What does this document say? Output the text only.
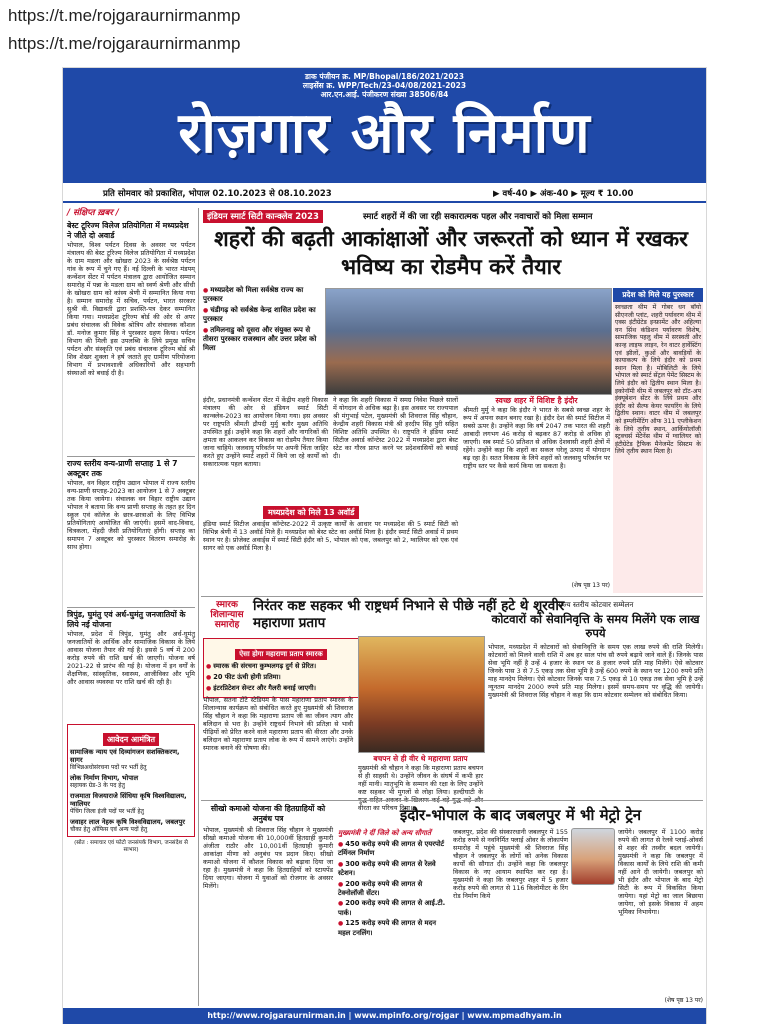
https://t.me/rojgaraurnirmanmp
https://t.me/rojgaraurnirmanmp
डाक पंजीयन क्र. MP/Bhopal/186/2021/2023
लाइसेंस क्र. WPP/Tech/23-04/08/2021-2023
आर.एन.आई. पंजीकरण संख्या 38506/84
रोज़गार और निर्माण
प्रति सोमवार को प्रकाशित, भोपाल 02.10.2023 से 08.10.2023	▶ वर्ष-40 ▶ अंक-40 ▶ मूल्य ₹ 10.00
/ संक्षिप्त ख़बर /
बेस्ट टूरिज्म विलेज प्रतियोगिता में मध्यप्रदेश ने जीते दो अवार्ड
भोपाल, विश्व पर्यटन दिवस के अवसर पर पर्यटन मंत्रालय की बेस्ट टूरिज्म विलेज प्रतियोगिता में मध्यप्रदेश के ग्राम मडला और खोखरा 2023 के सर्वश्रेष्ठ पर्यटन गांव के रूप में चुने गए हैं। नई दिल्ली के भारत मंडपम् कन्वेंशन सेंटर में पर्यटन मंत्रालय द्वारा आयोजित सम्मान समारोह में पन्ना के मडला ग्राम को स्वर्ण श्रेणी और सीधी के खोखरा ग्राम को कांस्य श्रेणी में सम्मानित किया गया है। सम्मान समारोह में सचिव, पर्यटन, भारत सरकार सुश्री वी. विद्यावती द्वारा प्रशस्ति-पत्र देकर सम्मानित किया गया। मध्यप्रदेश टूरिज्म बोर्ड की ओर से अपर प्रबंध संचालक श्री विवेक श्रोत्रिय और संचालक कौशल डॉ. मनोज कुमार सिंह ने पुरस्कार ग्रहण किया। पर्यटन विभाग की मिली इस उपलब्धि के लिये प्रमुख सचिव पर्यटन और संस्कृति एवं प्रबंध संचालक टूरिज्म बोर्ड श्री शिव शेखर शुक्ला ने हर्ष जताते हुए ग्रामीण परियोजना विभाग में प्रभावशाली अधिकारियों और सहभागी संस्थाओं को बधाई दी है।
राज्य स्तरीय वन्य-प्राणी सप्ताह 1 से 7 अक्टूबर तक
भोपाल, वन विहार राष्ट्रीय उद्यान भोपाल में राज्य स्तरीय वन्य-प्राणी सप्ताह-2023 का आयोजन 1 से 7 अक्टूबर तक किया जायेगा। संचालक वन विहार राष्ट्रीय उद्यान भोपाल ने बताया कि वन्य प्राणी सप्ताह के तहत हर दिन स्कूल एवं कॉलेज के छात्र-छात्राओं के लिए विभिन्न प्रतियोगिताएं आयोजित की जाएंगी। इसमें वाद-विवाद, चित्रकला, मेंहदी जैसी प्रतियोगिताएं होंगी। सप्ताह का समापन 7 अक्टूबर को पुरस्कार वितरण समारोह के साथ होगा।
त्रिपुंड, घुमंतु एवं अर्ध-घुमंतु जनजातियों के लिये नई योजना
भोपाल, प्रदेश में त्रिपुंड, घुमंतु और अर्ध-घुमंतु जनजातियों के आर्थिक और सामाजिक विकास के लिये आवास योजना तैयार की गई है। इससे 5 वर्ष में 200 करोड़ रुपये की राशि खर्च की जाएगी। योजना वर्ष 2021-22 से प्रारंभ की गई है। योजना में इन वर्गों के शैक्षणिक, सांस्कृतिक, स्वास्थ्य, आजीविका और भूमि और आवास व्यवस्था पर राशि खर्च की रही है।
आवेदन आमंत्रित
सामाजिक न्याय एवं दिव्यांगजन सशक्तिकरण, सागर
विभिन्नअधोसंरचना पदों पर भर्ती हेतु
लोक निर्माण विभाग, भोपाल
सहायक ग्रेड-3 के पद हेतु
राजमाता विजयाराजे सिंधिया कृषि विश्वविद्यालय, ग्वालियर
पेंचिंग जिला इंजी पदों पर भर्ती हेतु
जवाहर लाल नेहरू कृषि विश्वविद्यालय, जबलपुर
चौका हेतु ऑफिस एवं अन्य पदों हेतु
(स्रोत : समाचार एवं फोटो जनसंपर्क विभाग, जनसंदेश से साभार)
इंडियन स्मार्ट सिटी कान्क्लेव 2023	स्मार्ट शहरों में की जा रही सकारात्मक पहल और नवाचारों को मिला सम्मान
शहरों की बढ़ती आकांक्षाओं और जरूरतों को ध्यान में रखकर भविष्य का रोडमैप करें तैयार
● मध्यप्रदेश को मिला सर्वश्रेष्ठ राज्य का पुरस्कार
● चंडीगढ़ को सर्वश्रेष्ठ केन्द्र शासित प्रदेश का पुरस्कार
● तमिलनाडु को दूसरा और संयुक्त रूप से तीसरा पुरस्कार राजस्थान और उत्तर प्रदेश को मिला
प्रदेश को मिले यह पुरस्कार
स्वच्छता थीम में गोबर धन बॉयो सीएनजी प्लांट, शहरी पर्यावरण थीम में एक्स इंटीग्रेटेड इन्फ्रामेंट और अहिल्या वन सिंथ कंडिशन पर्यावरण विशेष, सामाजिक पहलु थीम में सरस्वती और कान्ह लाइफ लाइन, रेन वाटर हार्वेस्टिंग एवं झीलों, कुओं और बावड़ियों के कायाकल्प के लिये इंदौर को प्रथम स्थान मिला है। मोबिलिटी के लिये भोपाल को स्मार्ट सेंट्रल पेमेंट सिस्टम के लिये इंदौर को द्वितीय स्थान मिला है। इकोनॉमी थीम में जबलपुर को टॉट-अप इंक्यूबेशन सेंटर के लिये प्रथम और इंदौर को सैल्फ केयर फायरिंग के लिये द्वितीय स्थान। वाटर थीम में जबलपुर को इम्प्लीमेंटिंग ऑफ 311 एप्लीकेशन के लिये तृतीय स्थान, आर्कियोलॉजी स्ट्रक्चर्स मेंटेनेंस थीम में ग्वालियर को इंटीग्रेटेड ट्रैफिक मैनेजमेंट सिस्टम के लिये तृतीय स्थान मिला है।
इंदौर, प्रधानमंत्री कन्वेंशन सेंटर में केंद्रीय शहरी विकास मंत्रालय की ओर से इंडियन स्मार्ट सिटी कान्क्लेव-2023 का आयोजन किया गया। इस अवसर पर राष्ट्रपति श्रीमती द्रौपदी मुर्मु बतौर मुख्य अतिथि उपस्थित हुई। उन्होंने कहा कि शहरों और नागरिकों की क्षमता का आकलन कर विकास का रोडमैप तैयार किया जाना चाहिये। जलवायु परिवर्तन पर अपनी चिंता जाहिर करते हुए उन्होंने स्मार्ट शहरों में किये जा रहे कार्यों को सकारात्मक पहल बताया।
ने कहा कि शहरी विकास में समग्र निवेश पिछले सालों में योगदान से अधिक बढ़ा है। इस अवसर पर राज्यपाल श्री मंगुभाई पटेल, मुख्यमंत्री श्री शिवराज सिंह चौहान, केन्द्रीय शहरी विकास मंत्री श्री हरदीप सिंह पुरी सहित विशिष्ट अतिथि उपस्थित थे। राष्ट्रपति ने इंडिया स्मार्ट सिटीज अवार्ड कॉन्टेस्ट 2022 में मध्यप्रदेश द्वारा बेस्ट स्टेट का गौरव प्राप्त करने पर प्रदेशवासियों को बधाई दी।
स्वच्छ शहर में विशिष्ट है इंदौर
श्रीमती मुर्मु ने कहा कि इंदौर ने भारत के सबसे स्वच्छ शहर के रूप में अपना स्थान बनाए रखा है। इंदौर देश की स्मार्ट सिटीज में सबसे ऊपर है। उन्होंने कहा कि वर्ष 2047 तक भारत की शहरी आबादी लगभग 46 करोड़ से बढ़कर 87 करोड़ से अधिक हो जाएगी। सब स्मार्ट 50 प्रतिशत से अधिक देशवासी शहरी क्षेत्रों में रहेंगे। उन्होंने कहा कि शहरों का सकल घरेलू उत्पाद में योगदान बढ़ रहा है। सतत विकास के लिये शहरों को जलवायु परिवर्तन पर राष्ट्रीय स्तर पर कैसे कार्य किया जा सकता है।
(शेष पृष्ठ 13 पर)
मध्यप्रदेश को मिले 13 अवॉर्ड
इंडिया स्मार्ट सिटीज अवार्ड्स कॉन्टेस्ट-2022 में उत्कृष्ट कार्यों के आधार पर मध्यप्रदेश की 5 स्मार्ट सिटी को विभिन्न श्रेणी में 13 अवॉर्ड मिले हैं। मध्यप्रदेश को बेस्ट स्टेट का अवॉर्ड मिला है। इंदौर स्मार्ट सिटी अवार्ड में प्रथम स्थान पर है। प्रोजेक्ट अवार्ड्स में स्मार्ट सिटी इंदौर को 5, भोपाल को एक, जबलपुर को 2, ग्वालियर को एक एवं सागर को एक अवॉर्ड मिला है।
स्मारक
शिलान्यास
समारोह
निरंतर कष्ट सहकर भी राष्ट्रधर्म निभाने से पीछे नहीं हटे थे शूरवीर महाराणा प्रताप
ऐसा होगा महाराणा प्रताप स्मारक
● स्मारक की संरचना कुम्भलगढ़ दुर्ग से प्रेरित।
● 20 फीट ऊंची होगी प्रतिमा।
● इंटरप्रिटेशन सेन्टर और गैलरी बनाई जाएगी।
भोपाल, सतना टोंटे स्टेडियम के पास महाराणा प्रताप स्मारक के शिलान्यास कार्यक्रम को संबोधित करते हुए मुख्यमंत्री श्री शिवराज सिंह चौहान ने कहा कि महाराणा प्रताप जी का जीवन त्याग और बलिदान से भरा है। उन्होंने राष्ट्रधर्म निभाने की प्रतिज्ञा से भावी पीढ़ियों को प्रेरित करने वाले महाराणा प्रताप की वीरता और उनके बलिदान को महाराणा प्रताप लोक के रूप में सामने लाएंगे। उन्होंने स्मारक बनाने की घोषणा की।
बचपन से ही वीर थे महाराणा प्रताप
मुख्यमंत्री श्री चौहान ने कहा कि महाराणा प्रताप बचपन से ही साहसी थे। उन्होंने जीवन के संघर्ष में कभी हार नहीं मानी। मातृभूमि के सम्मान की रक्षा के लिए उन्होंने कष्ट सहकर भी मुगलों से लोहा लिया। हल्दीघाटी के युद्ध सहित अकबर के खिलाफ कई बड़े युद्ध लड़े और वीरता का परिचय दिया।
राज्य स्तरीय कोटवार सम्मेलन
कोटवारों को सेवानिवृत्ति के समय मिलेंगे एक लाख रुपये
भोपाल, मध्यप्रदेश में कोटवारों को सेवानिवृत्ति के समय एक लाख रुपये की राशि मिलेगी। कोटवारों को मिलने वाली राशि में अब हर साल पांच सौ रुपये बढ़ाये जाने वाले हैं। जिनके पास सेवा भूमि नहीं है उन्हें 4 हजार के स्थान पर 8 हजार रुपये प्रति माह मिलेंगे। ऐसे कोटवार जिनके पास 3 से 7.5 एकड़ तक सेवा भूमि है उन्हें 600 रुपये के स्थान पर 1200 रुपये प्रति माह मानदेय मिलेगा। ऐसे कोटवार जिनके पास 7.5 एकड़ से 10 एकड़ तक सेवा भूमि है उन्हें न्यूनतम मानदेय 2000 रुपये प्रति माह मिलेगा। इसमें समय-समय पर वृद्धि की जायेगी। मुख्यमंत्री श्री शिवराज सिंह चौहान ने कहा कि ग्राम कोटवार सम्मेलन को संबोधित किया।
सीखो कमाओ योजना की हितग्राहियों को अनुबंध पत्र
भोपाल, मुख्यमंत्री श्री शिवराज सिंह चौहान ने मुख्यमंत्री सीखो कमाओ योजना की 10,000वीं हितग्राही कुमारी अंजीता राठौर और 10,001वीं हितग्राही कुमारी आकांक्षा मीणा को अनुबंध पत्र प्रदान किए। सीखो कमाओ योजना में कौशल विकास को बढ़ावा दिया जा रहा है। मुख्यमंत्री ने कहा कि हितग्राहियों को स्टायपेंड दिया जाएगा। योजना में युवाओं को रोजगार के अवसर मिलेंगे।
इंदौर-भोपाल के बाद जबलपुर में भी मेट्रो ट्रेन
मुख्यमंत्री ने दीं जिले को अन्य सौगातें
● 450 करोड़ रुपये की लागत से एयरपोर्ट टर्मिनल निर्माण
● 300 करोड़ रुपये की लागत से रेलवे स्टेशन।
● 200 करोड़ रुपये की लागत से टेक्नोलॉजी सेंटर।
● 200 करोड़ रुपये की लागत से आई.टी. पार्क।
● 125 करोड़ रुपये की लागत से मदन महल टनलिंग।
जबलपुर, प्रदेश की संस्कारधानी जबलपुर में 155 करोड़ रुपये से नवनिर्मित फ्लाई ओवर के लोकार्पण समारोह में पहुंचे मुख्यमंत्री श्री शिवराज सिंह चौहान ने जबलपुर के लोगों को अनेक विकास कार्यों की सौगात दी। उन्होंने कहा कि जबलपुर विकास के नए आयाम स्थापित कर रहा है। मुख्यमंत्री ने कहा कि जबलपुर शहर में 5 हजार करोड़ रुपये की लागत से 116 किलोमीटर के रिंग रोड निर्माण किये
जायेंगे। जबलपुर में 1100 करोड़ रुपये की लागत से रेलवे प्लाई-ओवर्स से शहर की तस्वीर बदल जायेगी। मुख्यमंत्री ने कहा कि जबलपुर में विकास कार्यों के लिये राशि की कमी नहीं आने दी जायेगी। जबलपुर को भी इंदौर और भोपाल के बाद मेट्रो सिटी के रूप में विकसित किया जायेगा। यहां मेट्रो का जाल बिछाया जायेगा, जो इसके विकास में अहम भूमिका निभायेगा।
(शेष पृष्ठ 13 पर)
http://www.rojgaraurnirman.in | www.mpinfo.org/rojgar | www.mpmadhyam.in
